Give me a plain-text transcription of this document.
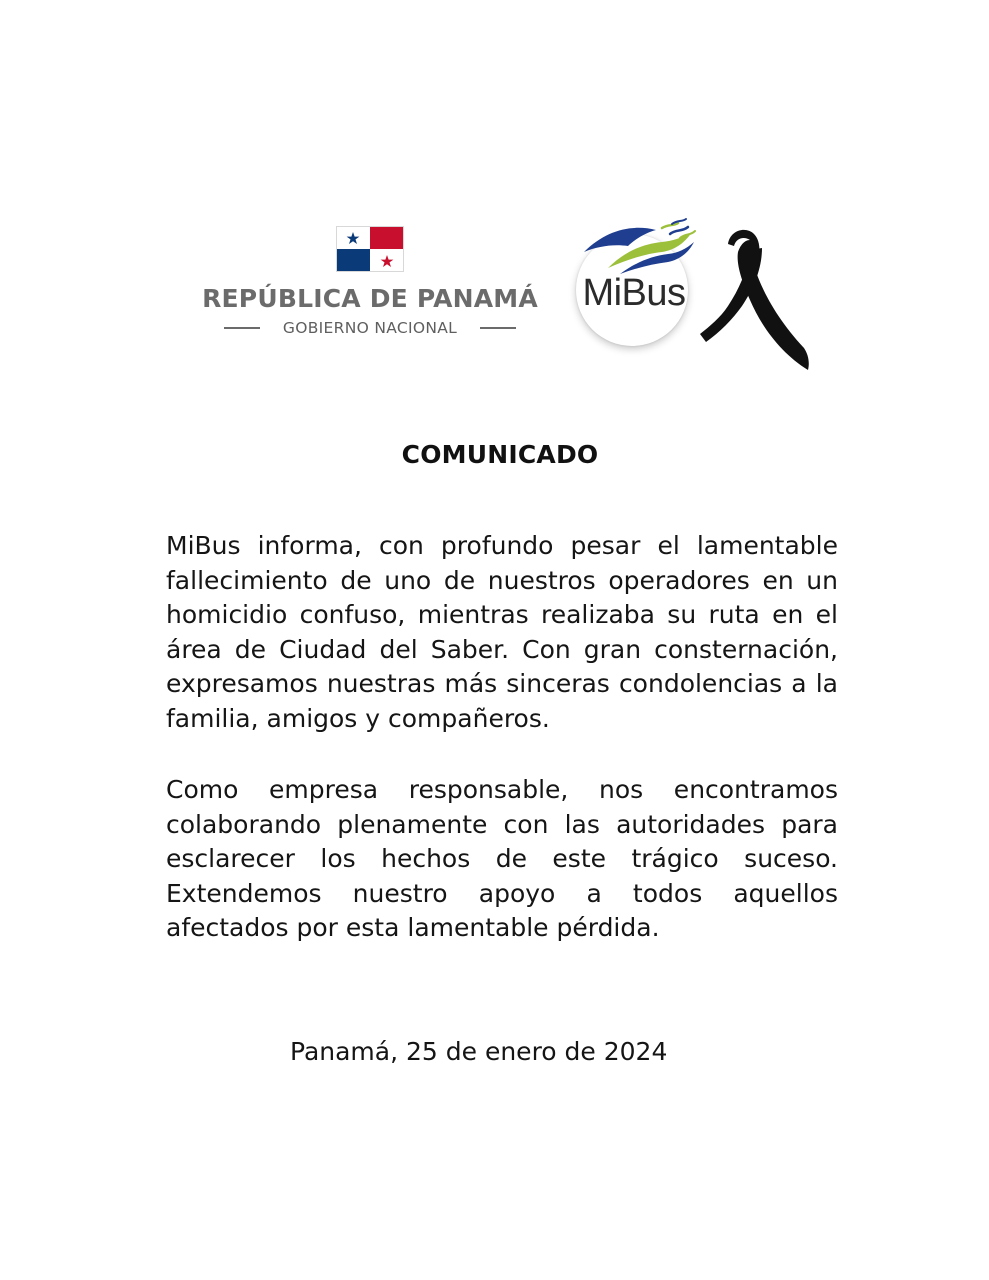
REPÚBLICA DE PANAMÁ
GOBIERNO NACIONAL
MiBus
COMUNICADO

MiBus informa, con profundo pesar el lamentable fallecimiento de uno de nuestros operadores en un homicidio confuso, mientras realizaba su ruta en el área de Ciudad del Saber. Con gran consternación, expresamos nuestras más sinceras condolencias a la familia, amigos y compañeros.

Como empresa responsable, nos encontramos colaborando plenamente con las autoridades para esclarecer los hechos de este trágico suceso. Extendemos nuestro apoyo a todos aquellos afectados por esta lamentable pérdida.

Panamá, 25 de enero de 2024
